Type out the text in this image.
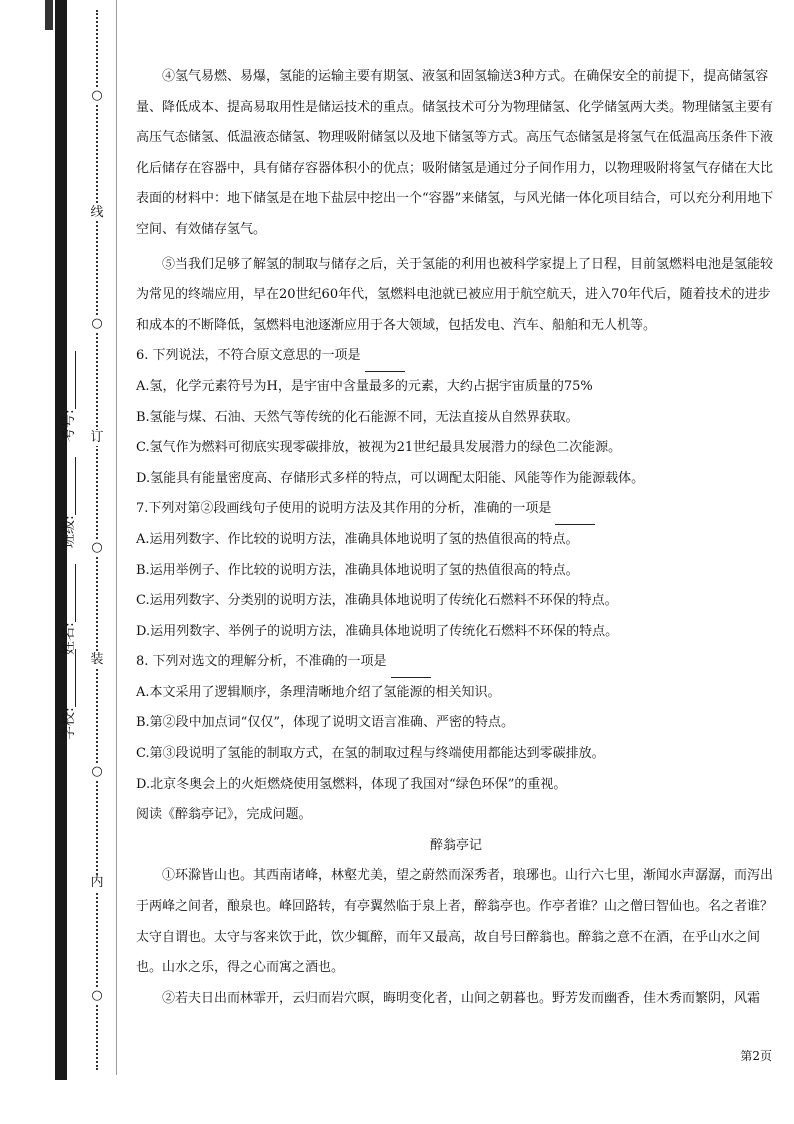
○
线
○
订
○
装
○
内
○
学校:
姓名:
班级:
考号:

④氢气易燃、易爆，氢能的运输主要有期氢、液氢和固氢输送3种方式。在确保安全的前提下，提高储氢容量、降低成本、提高易取用性是储运技术的重点。储氢技术可分为物理储氢、化学储氢两大类。物理储氢主要有高压气态储氢、低温液态储氢、物理吸附储氢以及地下储氢等方式。高压气态储氢是将氢气在低温高压条件下液化后储存在容器中，具有储存容器体积小的优点；吸附储氢是通过分子间作用力，以物理吸附将氢气存储在大比表面的材料中：地下储氢是在地下盐层中挖出一个“容器”来储氢，与风光储一体化项目结合，可以充分利用地下空间、有效储存氢气。

⑤当我们足够了解氢的制取与储存之后，关于氢能的利用也被科学家提上了日程，目前氢燃料电池是氢能较为常见的终端应用，早在20世纪60年代，氢燃料电池就已被应用于航空航天，进入70年代后，随着技术的进步和成本的不断降低，氢燃料电池逐渐应用于各大领域，包括发电、汽车、船舶和无人机等。

6. 下列说法，不符合原文意思的一项是

A.氢，化学元素符号为H，是宇宙中含量最多的元素，大约占据宇宙质量的75%

B.氢能与煤、石油、天然气等传统的化石能源不同，无法直接从自然界获取。

C.氢气作为燃料可彻底实现零碳排放，被视为21世纪最具发展潜力的绿色二次能源。

D.氢能具有能量密度高、存储形式多样的特点，可以调配太阳能、风能等作为能源载体。

7.下列对第②段画线句子使用的说明方法及其作用的分析，准确的一项是

A.运用列数字、作比较的说明方法，准确具体地说明了氢的热值很高的特点。

B.运用举例子、作比较的说明方法，准确具体地说明了氢的热值很高的特点。

C.运用列数字、分类别的说明方法，准确具体地说明了传统化石燃料不环保的特点。

D.运用列数字、举例子的说明方法，准确具体地说明了传统化石燃料不环保的特点。

8. 下列对选文的理解分析，不准确的一项是

A.本文采用了逻辑顺序，条理清晰地介绍了氢能源的相关知识。

B.第②段中加点词“仅仅”，体现了说明文语言准确、严密的特点。

C.第③段说明了氢能的制取方式，在氢的制取过程与终端使用都能达到零碳排放。

D.北京冬奥会上的火炬燃烧使用氢燃料，体现了我国对“绿色环保”的重视。

阅读《醉翁亭记》，完成问题。

醉翁亭记

①环滁皆山也。其西南诸峰，林壑尤美，望之蔚然而深秀者，琅琊也。山行六七里，渐闻水声潺潺，而泻出于两峰之间者，酿泉也。峰回路转，有亭翼然临于泉上者，醉翁亭也。作亭者谁？山之僧曰智仙也。名之者谁？太守自谓也。太守与客来饮于此，饮少辄醉，而年又最高，故自号曰醉翁也。醉翁之意不在酒，在乎山水之间也。山水之乐，得之心而寓之酒也。

②若夫日出而林霏开，云归而岩穴暝，晦明变化者，山间之朝暮也。野芳发而幽香，佳木秀而繁阴，风霜

第2页
